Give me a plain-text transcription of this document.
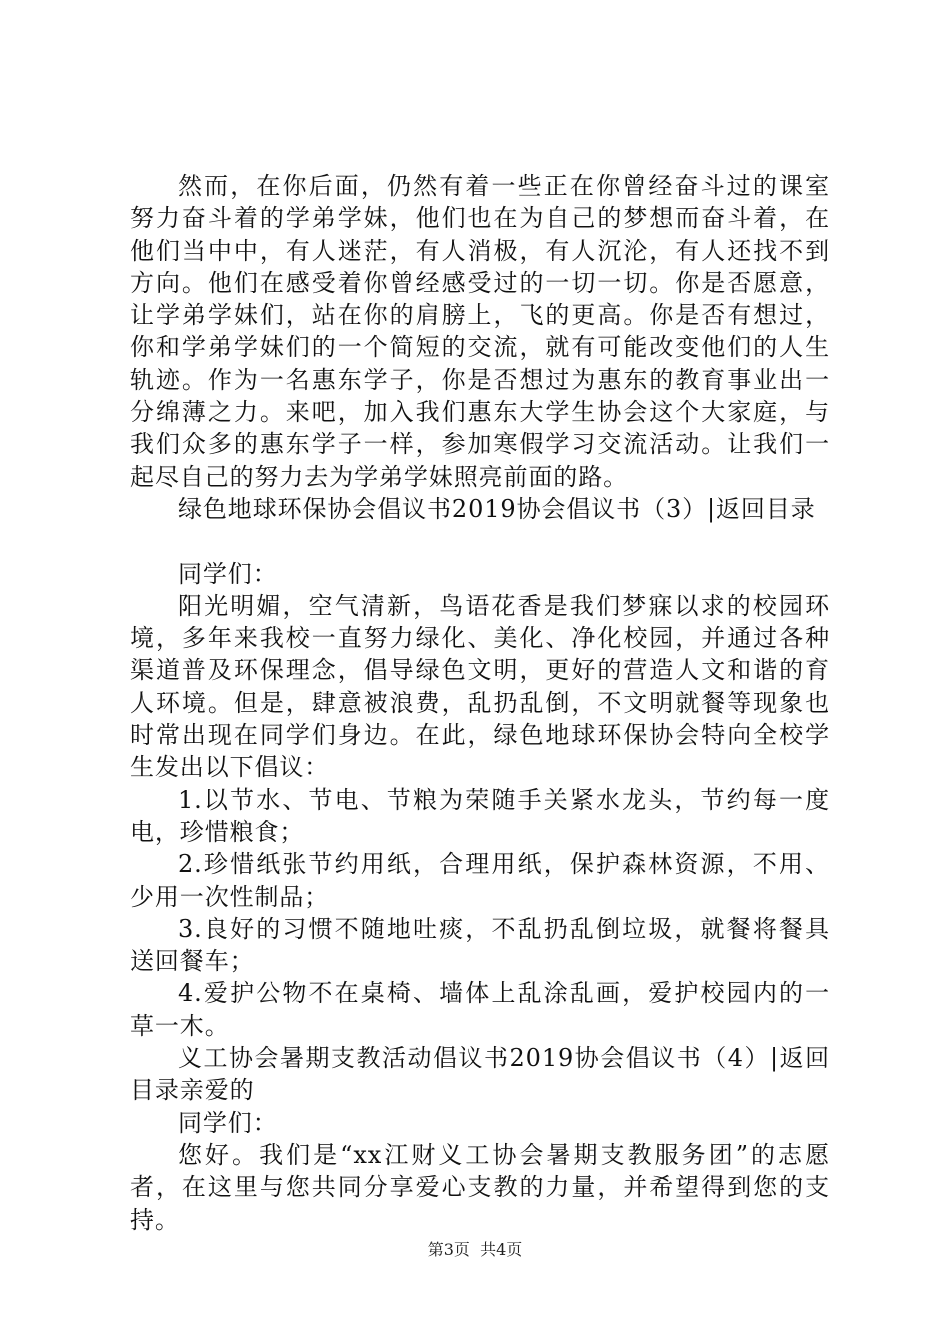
然而，在你后面，仍然有着一些正在你曾经奋斗过的课室
努力奋斗着的学弟学妹，他们也在为自己的梦想而奋斗着，在
他们当中中，有人迷茫，有人消极，有人沉沦，有人还找不到
方向。他们在感受着你曾经感受过的一切一切。你是否愿意，
让学弟学妹们，站在你的肩膀上，飞的更高。你是否有想过，
你和学弟学妹们的一个简短的交流，就有可能改变他们的人生
轨迹。作为一名惠东学子，你是否想过为惠东的教育事业出一
分绵薄之力。来吧，加入我们惠东大学生协会这个大家庭，与
我们众多的惠东学子一样，参加寒假学习交流活动。让我们一
起尽自己的努力去为学弟学妹照亮前面的路。
绿色地球环保协会倡议书2019协会倡议书（3）|返回目录
同学们：
阳光明媚，空气清新，鸟语花香是我们梦寐以求的校园环
境，多年来我校一直努力绿化、美化、净化校园，并通过各种
渠道普及环保理念，倡导绿色文明，更好的营造人文和谐的育
人环境。但是，肆意被浪费，乱扔乱倒，不文明就餐等现象也
时常出现在同学们身边。在此，绿色地球环保协会特向全校学
生发出以下倡议：
1.以节水、节电、节粮为荣随手关紧水龙头，节约每一度
电，珍惜粮食；
2.珍惜纸张节约用纸，合理用纸，保护森林资源，不用、
少用一次性制品；
3.良好的习惯不随地吐痰，不乱扔乱倒垃圾，就餐将餐具
送回餐车；
4.爱护公物不在桌椅、墙体上乱涂乱画，爱护校园内的一
草一木。
义工协会暑期支教活动倡议书2019协会倡议书（4）|返回
目录亲爱的
同学们：
您好。我们是“xx江财义工协会暑期支教服务团”的志愿
者，在这里与您共同分享爱心支教的力量，并希望得到您的支
持。
第3页  共4页
